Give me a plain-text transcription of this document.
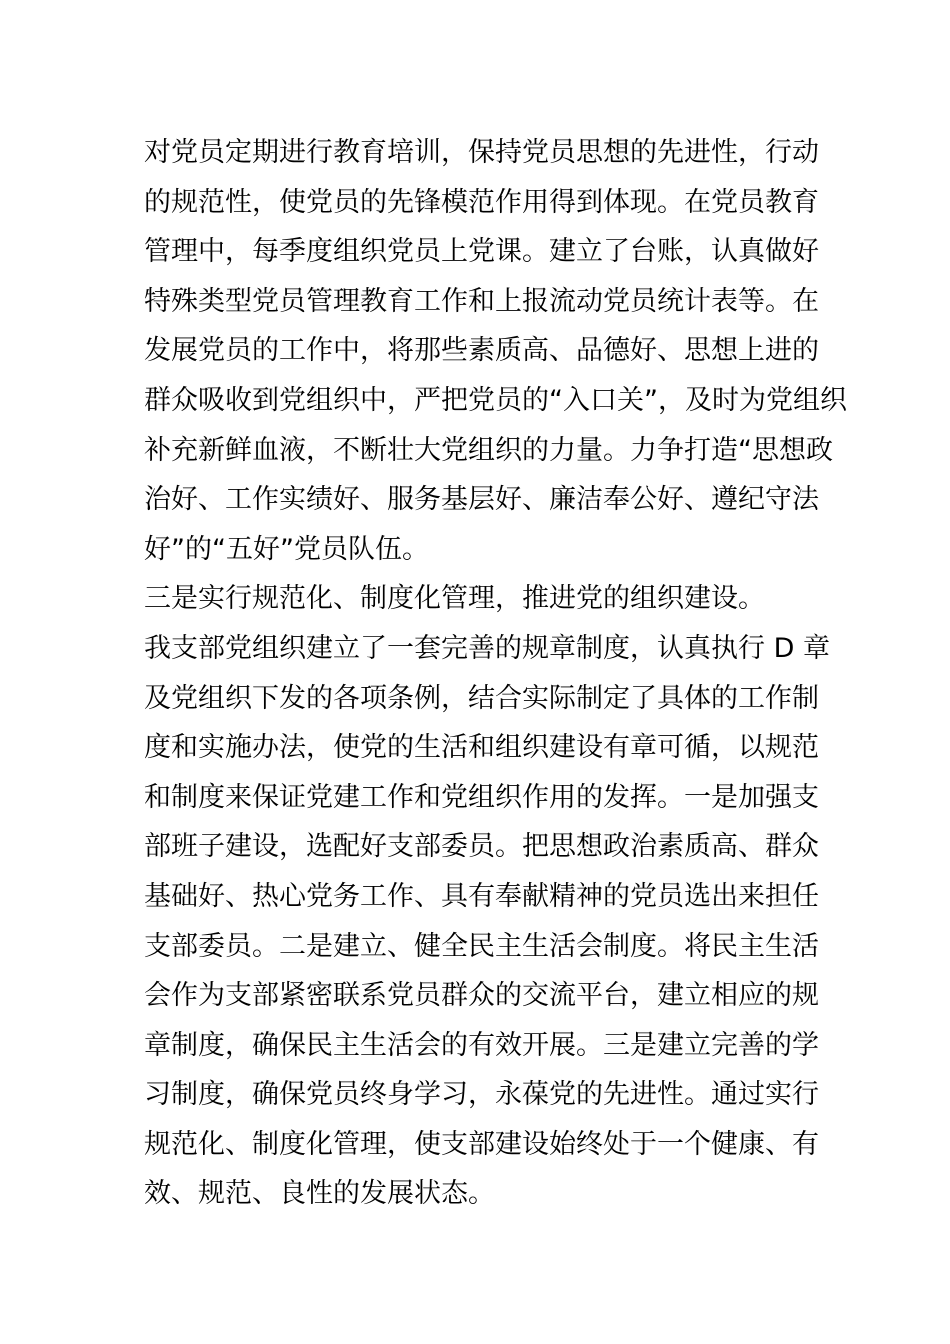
对党员定期进行教育培训，保持党员思想的先进性，行动
的规范性，使党员的先锋模范作用得到体现。在党员教育
管理中，每季度组织党员上党课。建立了台账，认真做好
特殊类型党员管理教育工作和上报流动党员统计表等。在
发展党员的工作中，将那些素质高、品德好、思想上进的
群众吸收到党组织中，严把党员的“入口关”，及时为党组织
补充新鲜血液，不断壮大党组织的力量。力争打造“思想政
治好、工作实绩好、服务基层好、廉洁奉公好、遵纪守法
好”的“五好”党员队伍。
三是实行规范化、制度化管理，推进党的组织建设。
我支部党组织建立了一套完善的规章制度，认真执行 D 章
及党组织下发的各项条例，结合实际制定了具体的工作制
度和实施办法，使党的生活和组织建设有章可循，以规范
和制度来保证党建工作和党组织作用的发挥。一是加强支
部班子建设，选配好支部委员。把思想政治素质高、群众
基础好、热心党务工作、具有奉献精神的党员选出来担任
支部委员。二是建立、健全民主生活会制度。将民主生活
会作为支部紧密联系党员群众的交流平台，建立相应的规
章制度，确保民主生活会的有效开展。三是建立完善的学
习制度，确保党员终身学习，永葆党的先进性。通过实行
规范化、制度化管理，使支部建设始终处于一个健康、有
效、规范、良性的发展状态。
